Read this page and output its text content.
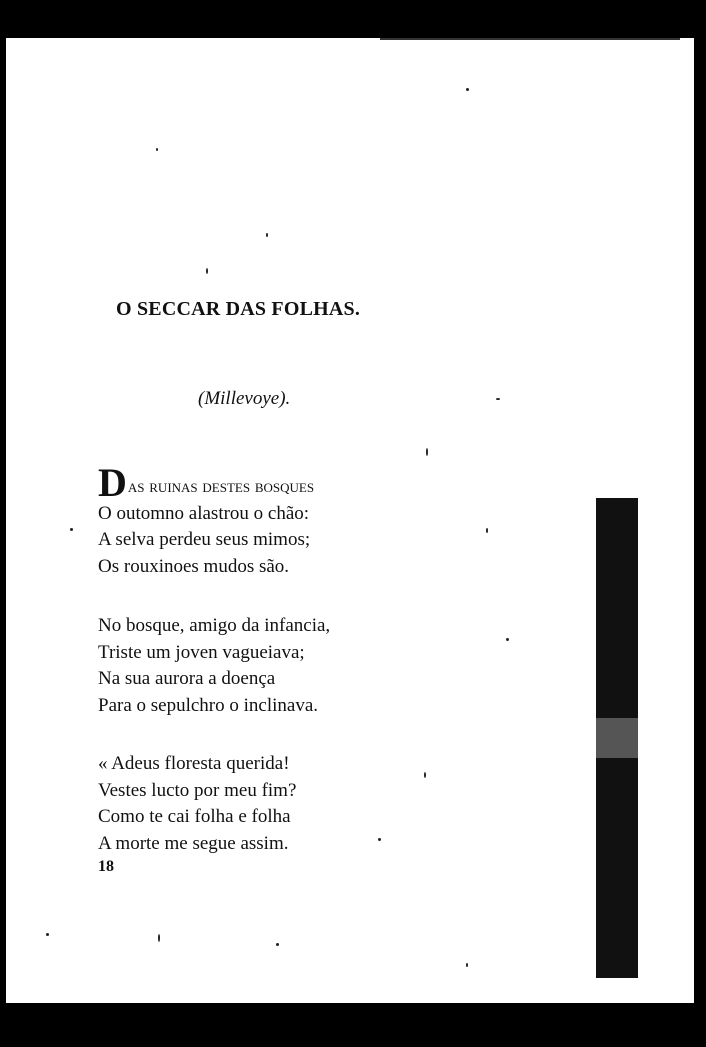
O SECCAR DAS FOLHAS.
(Millevoye).
Das ruinas destes bosques
O outomno alastrou o chão:
A selva perdeu seus mimos;
Os rouxinoes mudos são.
No bosque, amigo da infancia,
Triste um joven vagueiava;
Na sua aurora a doença
Para o sepulchro o inclinava.
« Adeus floresta querida!
Vestes lucto por meu fim?
Como te cai folha e folha
A morte me segue assim.
18
